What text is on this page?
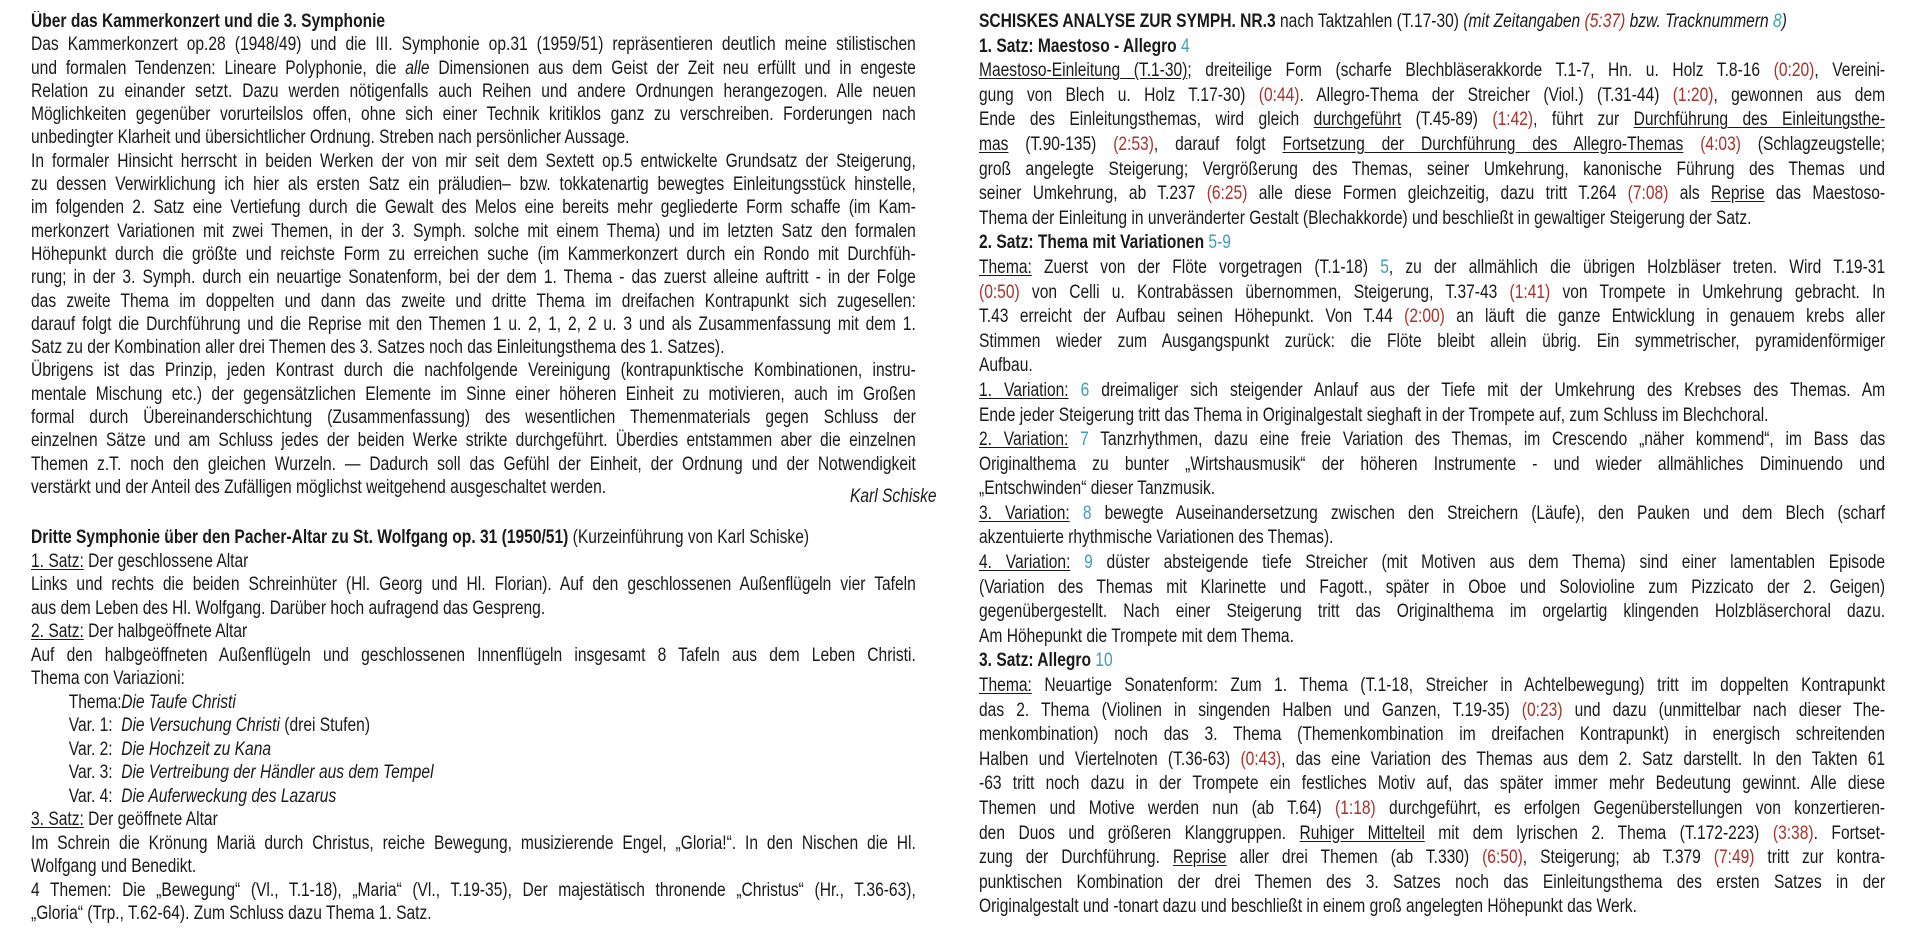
Über das Kammerkonzert und die 3. Symphonie
Das Kammerkonzert op.28 (1948/49) und die III. Symphonie op.31 (1959/51) repräsentieren deutlich meine stilistischen
und formalen Tendenzen: Lineare Polyphonie, die alle Dimensionen aus dem Geist der Zeit neu erfüllt und in engeste
Relation zu einander setzt. Dazu werden nötigenfalls auch Reihen und andere Ordnungen herangezogen. Alle neuen
Möglichkeiten gegenüber vorurteilslos offen, ohne sich einer Technik kritiklos ganz zu verschreiben. Forderungen nach
unbedingter Klarheit und übersichtlicher Ordnung. Streben nach persönlicher Aussage.
In formaler Hinsicht herrscht in beiden Werken der von mir seit dem Sextett op.5 entwickelte Grundsatz der Steigerung,
zu dessen Verwirklichung ich hier als ersten Satz ein präludien– bzw. tokkatenartig bewegtes Einleitungsstück hinstelle,
im folgenden 2. Satz eine Vertiefung durch die Gewalt des Melos eine bereits mehr gegliederte Form schaffe (im Kam-
merkonzert Variationen mit zwei Themen, in der 3. Symph. solche mit einem Thema) und im letzten Satz den formalen
Höhepunkt durch die größte und reichste Form zu erreichen suche (im Kammerkonzert durch ein Rondo mit Durchfüh-
rung; in der 3. Symph. durch ein neuartige Sonatenform, bei der dem 1. Thema - das zuerst alleine auftritt - in der Folge
das zweite Thema im doppelten und dann das zweite und dritte Thema im dreifachen Kontrapunkt sich zugesellen:
darauf folgt die Durchführung und die Reprise mit den Themen 1 u. 2, 1, 2, 2 u. 3 und als Zusammenfassung mit dem 1.
Satz zu der Kombination aller drei Themen des 3. Satzes noch das Einleitungsthema des 1. Satzes).
Übrigens ist das Prinzip, jeden Kontrast durch die nachfolgende Vereinigung (kontrapunktische Kombinationen, instru-
mentale Mischung etc.) der gegensätzlichen Elemente im Sinne einer höheren Einheit zu motivieren, auch im Großen
formal durch Übereinanderschichtung (Zusammenfassung) des wesentlichen Themenmaterials gegen Schluss der
einzelnen Sätze und am Schluss jedes der beiden Werke strikte durchgeführt. Überdies entstammen aber die einzelnen
Themen z.T. noch den gleichen Wurzeln. — Dadurch soll das Gefühl der Einheit, der Ordnung und der Notwendigkeit
verstärkt und der Anteil des Zufälligen möglichst weitgehend ausgeschaltet werden.	Karl Schiske
Dritte Symphonie über den Pacher-Altar zu St. Wolfgang op. 31 (1950/51) (Kurzeinführung von Karl Schiske)
1. Satz: Der geschlossene Altar
Links und rechts die beiden Schreinhüter (Hl. Georg und Hl. Florian). Auf den geschlossenen Außenflügeln vier Tafeln
aus dem Leben des Hl. Wolfgang. Darüber hoch aufragend das Gespreng.
2. Satz: Der halbgeöffnete Altar
Auf den halbgeöffneten Außenflügeln und geschlossenen Innenflügeln insgesamt 8 Tafeln aus dem Leben Christi.
Thema con Variazioni:
Thema:Die Taufe Christi
Var. 1: Die Versuchung Christi (drei Stufen)
Var. 2: Die Hochzeit zu Kana
Var. 3: Die Vertreibung der Händler aus dem Tempel
Var. 4: Die Auferweckung des Lazarus
3. Satz: Der geöffnete Altar
Im Schrein die Krönung Mariä durch Christus, reiche Bewegung, musizierende Engel, „Gloria!“. In den Nischen die Hl.
Wolfgang und Benedikt.
4 Themen: Die „Bewegung“ (Vl., T.1-18), „Maria“ (Vl., T.19-35), Der majestätisch thronende „Christus“ (Hr., T.36-63),
„Gloria“ (Trp., T.62-64). Zum Schluss dazu Thema 1. Satz.
SCHISKES ANALYSE ZUR SYMPH. NR.3 nach Taktzahlen (T.17-30) (mit Zeitangaben (5:37) bzw. Tracknummern 8)
1. Satz: Maestoso - Allegro 4
Maestoso-Einleitung (T.1-30); dreiteilige Form (scharfe Blechbläserakkorde T.1-7, Hn. u. Holz T.8-16 (0:20), Vereini-
gung von Blech u. Holz T.17-30) (0:44). Allegro-Thema der Streicher (Viol.) (T.31-44) (1:20), gewonnen aus dem
Ende des Einleitungsthemas, wird gleich durchgeführt (T.45-89) (1:42), führt zur Durchführung des Einleitungsthe-
mas (T.90-135) (2:53), darauf folgt Fortsetzung der Durchführung des Allegro-Themas (4:03) (Schlagzeugstelle;
groß angelegte Steigerung; Vergrößerung des Themas, seiner Umkehrung, kanonische Führung des Themas und
seiner Umkehrung, ab T.237 (6:25) alle diese Formen gleichzeitig, dazu tritt T.264 (7:08) als Reprise das Maestoso-
Thema der Einleitung in unveränderter Gestalt (Blechakkorde) und beschließt in gewaltiger Steigerung der Satz.
2. Satz: Thema mit Variationen 5-9
Thema: Zuerst von der Flöte vorgetragen (T.1-18) 5, zu der allmählich die übrigen Holzbläser treten. Wird T.19-31
(0:50) von Celli u. Kontrabässen übernommen, Steigerung, T.37-43 (1:41) von Trompete in Umkehrung gebracht. In
T.43 erreicht der Aufbau seinen Höhepunkt. Von T.44 (2:00) an läuft die ganze Entwicklung in genauem krebs aller
Stimmen wieder zum Ausgangspunkt zurück: die Flöte bleibt allein übrig. Ein symmetrischer, pyramidenförmiger
Aufbau.
1. Variation: 6 dreimaliger sich steigender Anlauf aus der Tiefe mit der Umkehrung des Krebses des Themas. Am
Ende jeder Steigerung tritt das Thema in Originalgestalt sieghaft in der Trompete auf, zum Schluss im Blechchoral.
2. Variation: 7 Tanzrhythmen, dazu eine freie Variation des Themas, im Crescendo „näher kommend“, im Bass das
Originalthema zu bunter „Wirtshausmusik“ der höheren Instrumente - und wieder allmähliches Diminuendo und
„Entschwinden“ dieser Tanzmusik.
3. Variation: 8 bewegte Auseinandersetzung zwischen den Streichern (Läufe), den Pauken und dem Blech (scharf
akzentuierte rhythmische Variationen des Themas).
4. Variation: 9 düster absteigende tiefe Streicher (mit Motiven aus dem Thema) sind einer lamentablen Episode
(Variation des Themas mit Klarinette und Fagott., später in Oboe und Solovioline zum Pizzicato der 2. Geigen)
gegenübergestellt. Nach einer Steigerung tritt das Originalthema im orgelartig klingenden Holzbläserchoral dazu.
Am Höhepunkt die Trompete mit dem Thema.
3. Satz: Allegro 10
Thema: Neuartige Sonatenform: Zum 1. Thema (T.1-18, Streicher in Achtelbewegung) tritt im doppelten Kontrapunkt
das 2. Thema (Violinen in singenden Halben und Ganzen, T.19-35) (0:23) und dazu (unmittelbar nach dieser The-
menkombination) noch das 3. Thema (Themenkombination im dreifachen Kontrapunkt) in energisch schreitenden
Halben und Viertelnoten (T.36-63) (0:43), das eine Variation des Themas aus dem 2. Satz darstellt. In den Takten 61
-63 tritt noch dazu in der Trompete ein festliches Motiv auf, das später immer mehr Bedeutung gewinnt. Alle diese
Themen und Motive werden nun (ab T.64) (1:18) durchgeführt, es erfolgen Gegenüberstellungen von konzertieren-
den Duos und größeren Klanggruppen. Ruhiger Mittelteil mit dem lyrischen 2. Thema (T.172-223) (3:38). Fortset-
zung der Durchführung. Reprise aller drei Themen (ab T.330) (6:50), Steigerung; ab T.379 (7:49) tritt zur kontra-
punktischen Kombination der drei Themen des 3. Satzes noch das Einleitungsthema des ersten Satzes in der
Originalgestalt und -tonart dazu und beschließt in einem groß angelegten Höhepunkt das Werk.
